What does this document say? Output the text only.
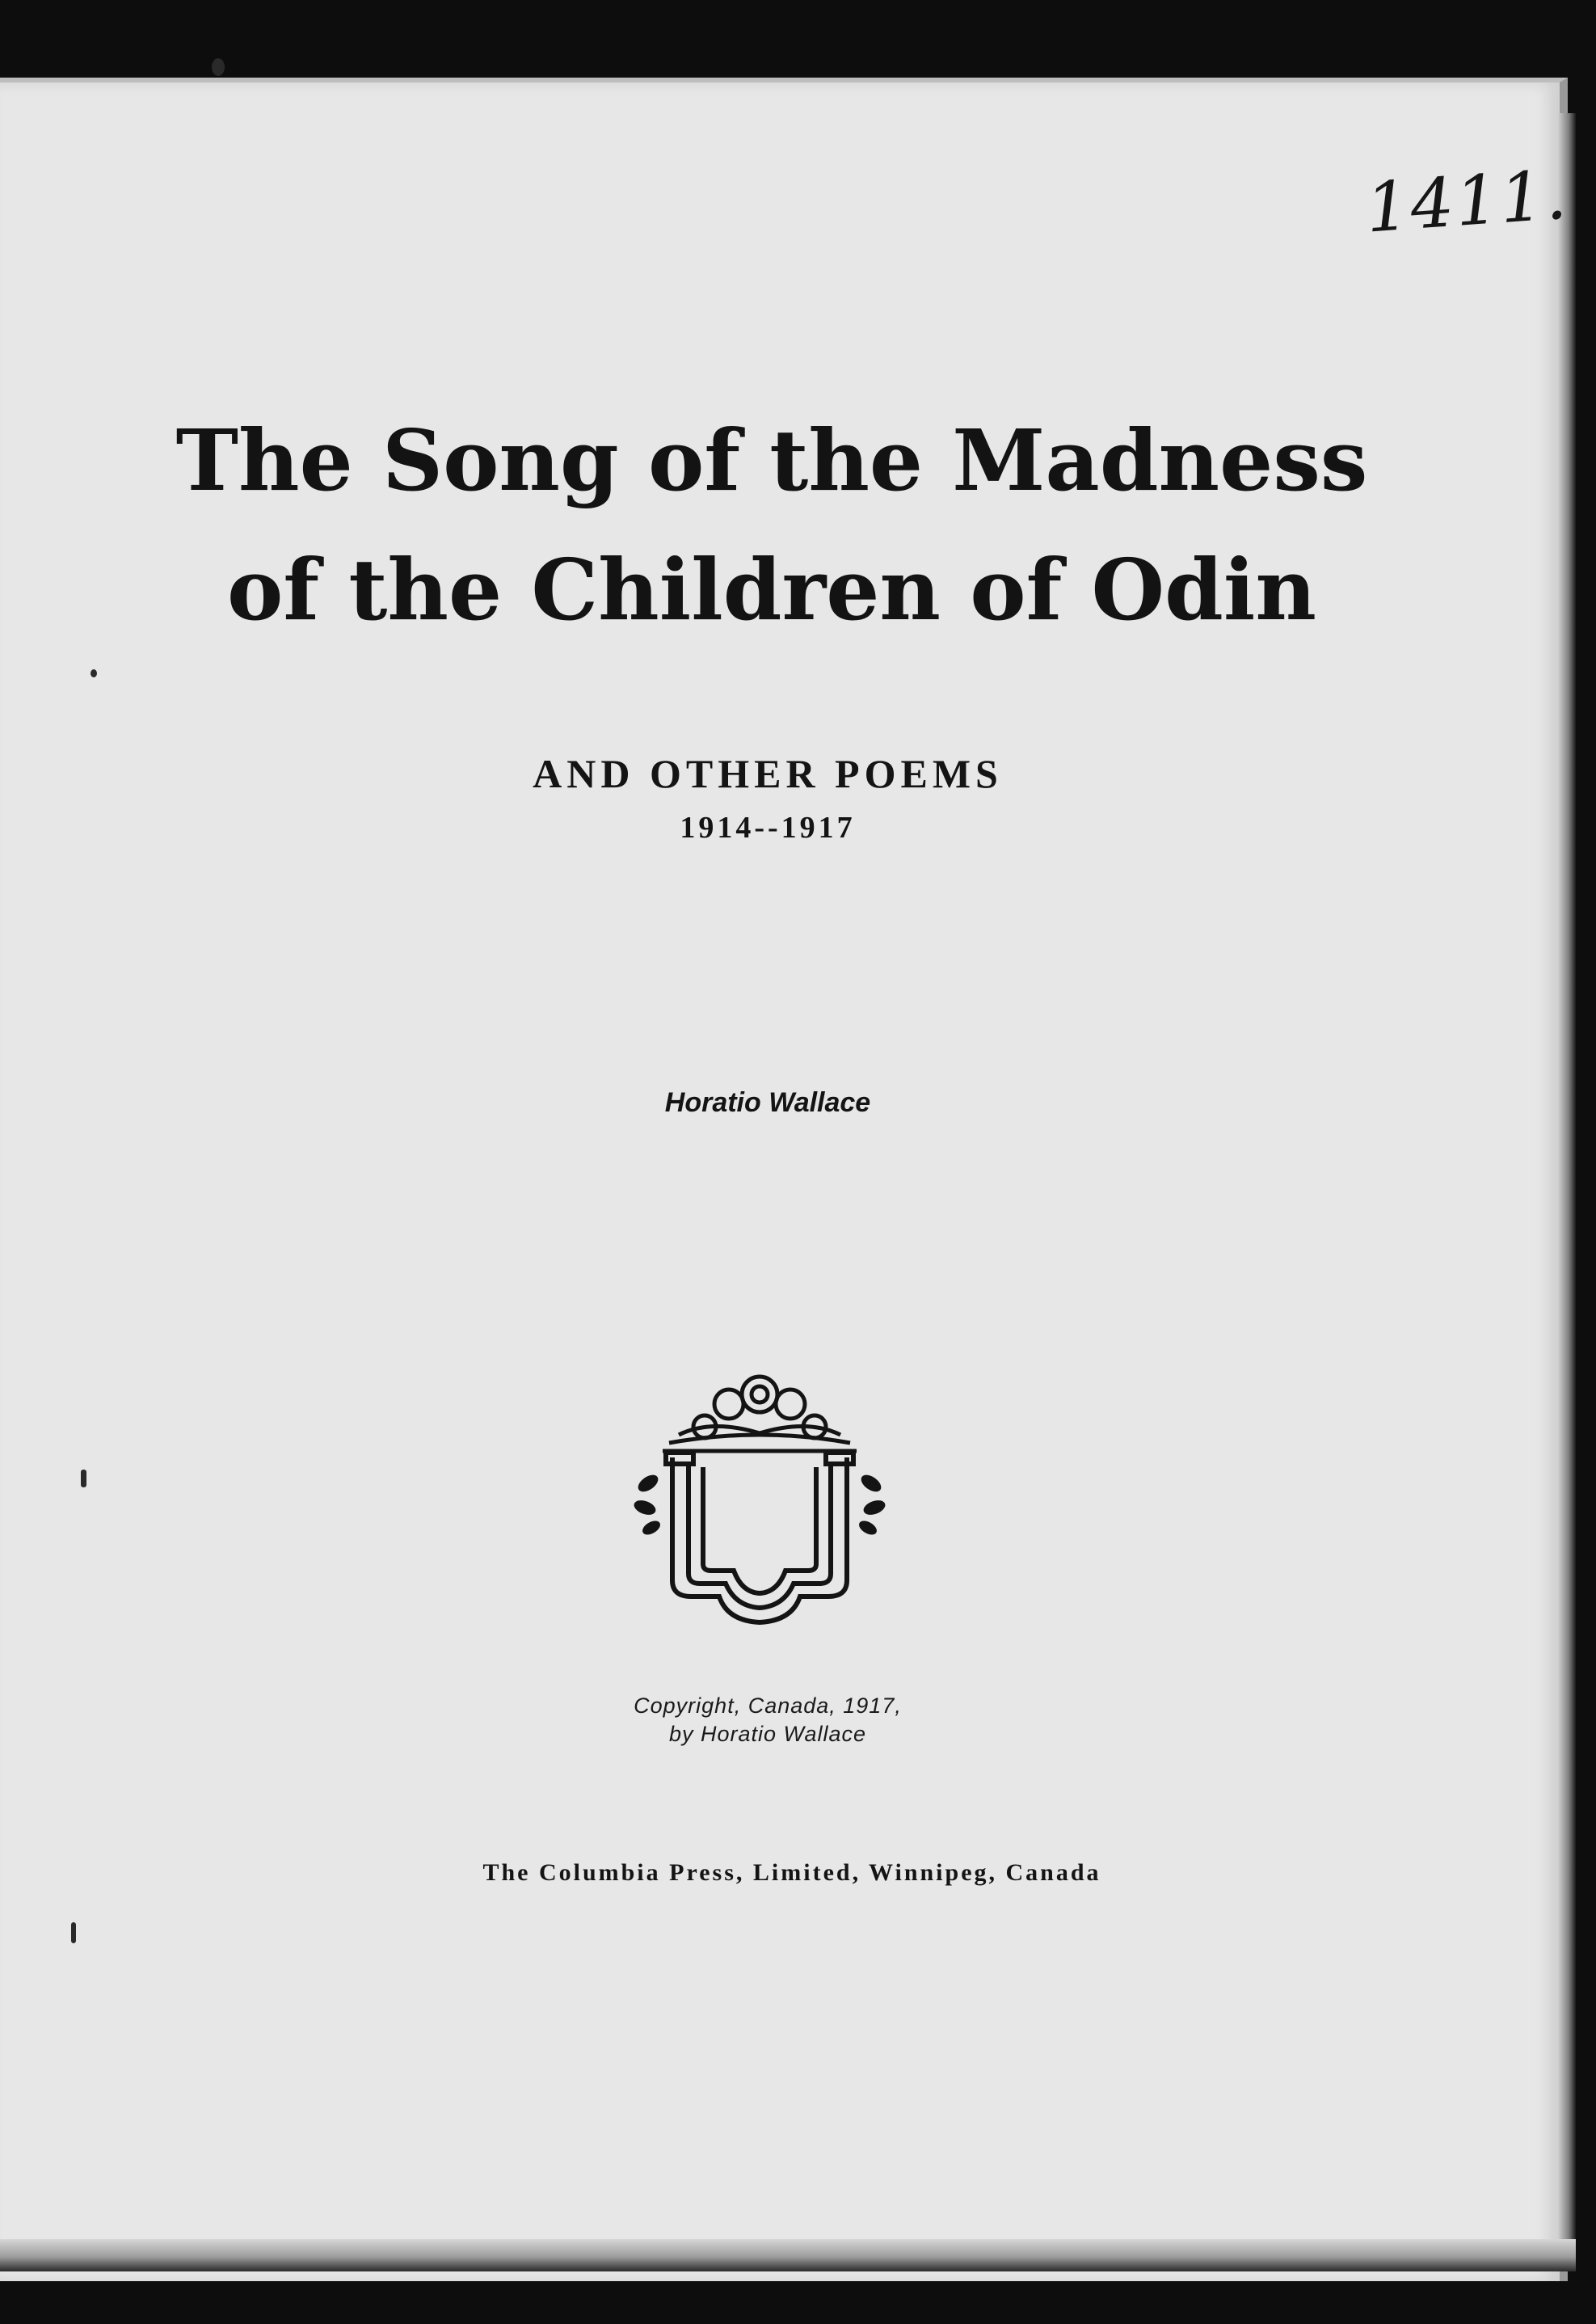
1411.
The Song of the Madness
of the Children of Odin
AND OTHER POEMS
1914--1917
Horatio Wallace
Copyright, Canada, 1917,
by Horatio Wallace
The Columbia Press, Limited, Winnipeg, Canada
